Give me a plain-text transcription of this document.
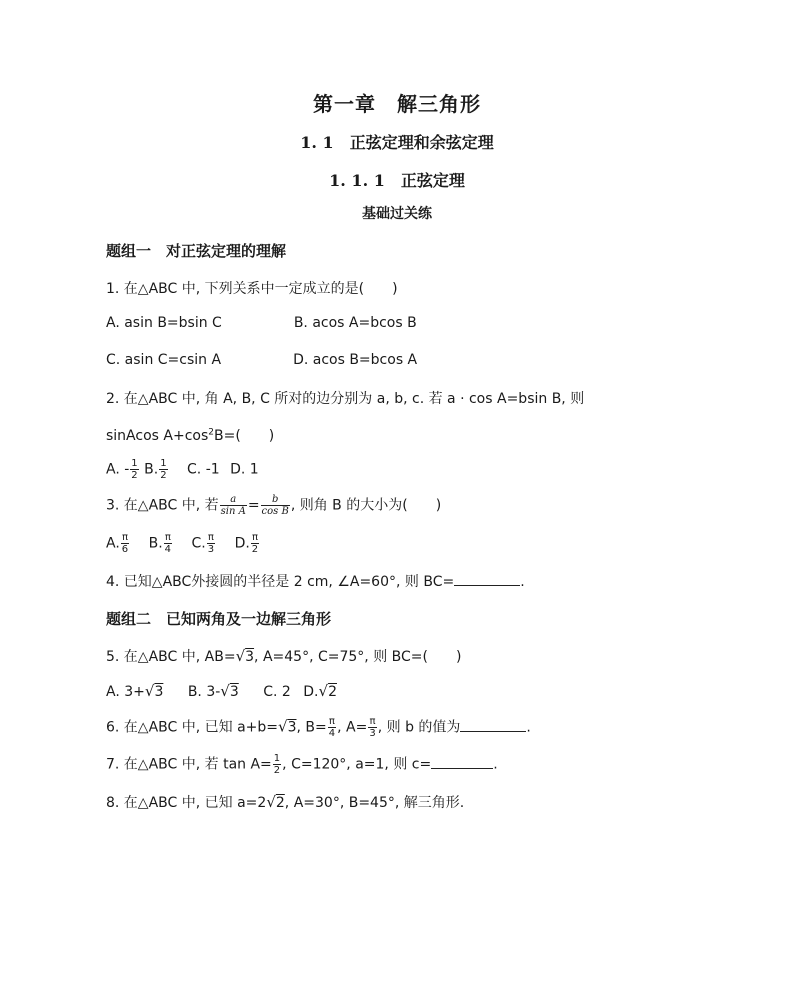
第一章　解三角形
1. 1　正弦定理和余弦定理
1. 1. 1　正弦定理
基础过关练
题组一　对正弦定理的理解
1. 在△ABC 中, 下列关系中一定成立的是(　　)
A. asin B=bsin C	B. acos A=bcos B
C. asin C=csin A	D. acos B=bcos A
2. 在△ABC 中, 角 A, B, C 所对的边分别为 a, b, c. 若 a · cos A=bsin B, 则
sinAcos $A+\cos^2B=$(　　)
A. - $\frac{1}{2} B$. $\frac{1}{2} C$. -1 D. 1
3. 在△ABC 中, 若 $\frac{a}{\text{sin A}} = \frac{b}{\text{cos B}}$ , 则角 B 的大小为(　　)
A. $\frac{\pi}{6} B$. $\frac{\pi}{4} C$. $\frac{\pi}{3} D$. $\frac{\pi}{2}$
4. 已知△ABC外接圆的半径是 2 cm, ∠A=60°, 则 BC=	.
题组二　已知两角及一边解三角形
5. 在△ABC 中, AB=√3, A=45°, C=75°, 则 BC=(　　)
A. 3+√3 B. 3-√3 C. 2 D.√2
6. 在△ABC 中, 已知 a+b=√3, $B= \frac{\pi}{4}$ , $A= \frac{\pi}{3}$ , 则 b 的值为	.
7. 在△ABC 中, 若 $\tan A= \frac{1}{2}$ , C=120°, a=1, 则 c=	.
8. 在△ABC 中, 已知 a=2√2, A=30°, B=45°, 解三角形.
